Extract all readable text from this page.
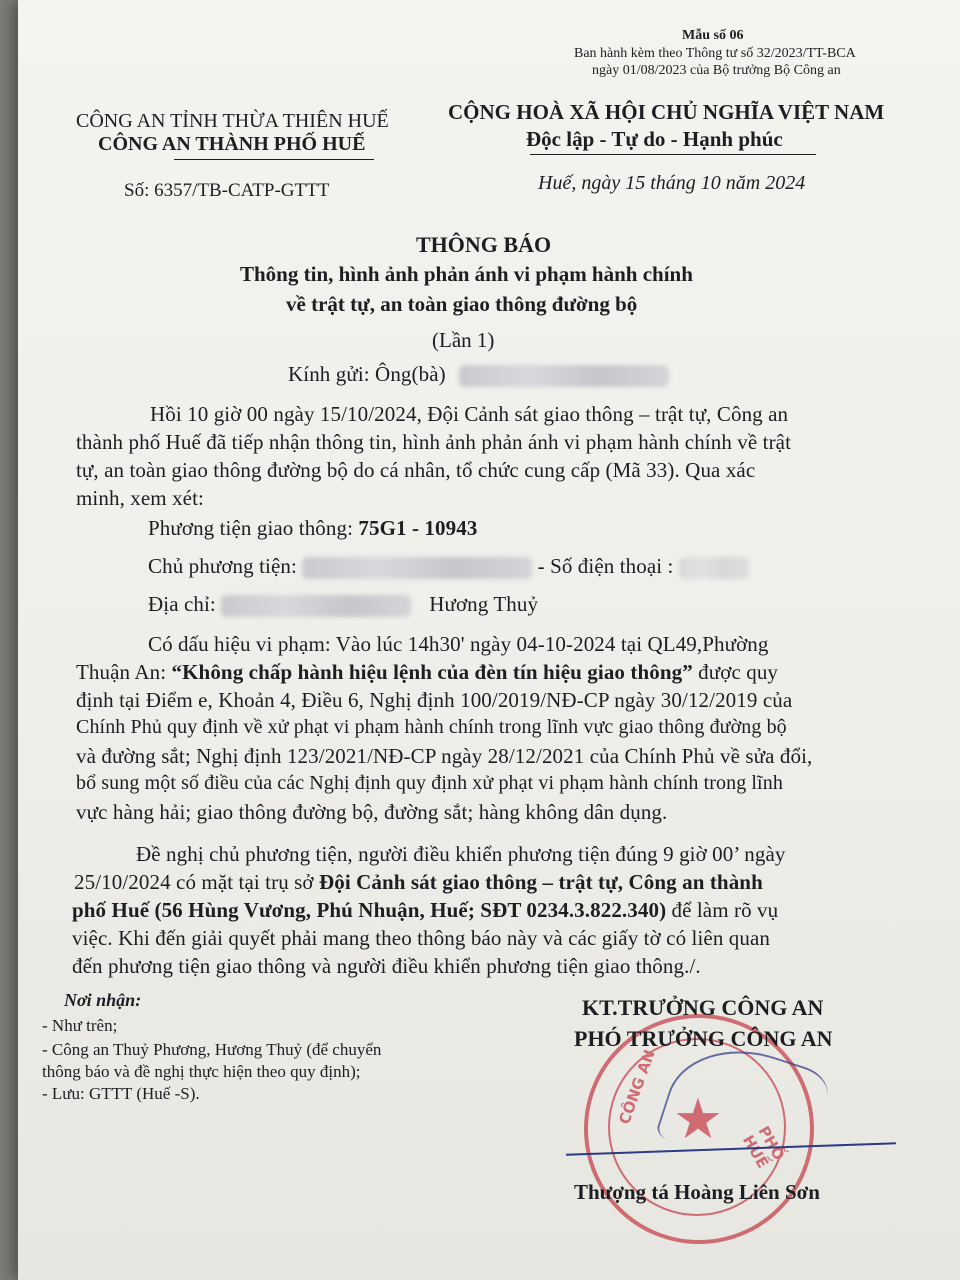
Mẫu số 06
Ban hành kèm theo Thông tư số 32/2023/TT-BCA
ngày 01/08/2023 của Bộ trưởng Bộ Công an
CÔNG AN TỈNH THỪA THIÊN HUẾ
CÔNG AN THÀNH PHỐ HUẾ
Số: 6357/TB-CATP-GTTT
CỘNG HOÀ XÃ HỘI CHỦ NGHĨA VIỆT NAM
Độc lập - Tự do - Hạnh phúc
Huế, ngày 15 tháng 10 năm 2024
THÔNG BÁO
Thông tin, hình ảnh phản ánh vi phạm hành chính
về trật tự, an toàn giao thông đường bộ
(Lần 1)
Kính gửi: Ông(bà)
Hồi 10 giờ 00 ngày 15/10/2024, Đội Cảnh sát giao thông – trật tự, Công an
thành phố Huế đã tiếp nhận thông tin, hình ảnh phản ánh vi phạm hành chính về trật
tự, an toàn giao thông đường bộ do cá nhân, tổ chức cung cấp (Mã 33). Qua xác
minh, xem xét:
Phương tiện giao thông: 75G1 - 10943
Chủ phương tiện:	- Số điện thoại :
Địa chỉ:	Hương Thuỷ
Có dấu hiệu vi phạm: Vào lúc 14h30' ngày 04-10-2024 tại QL49,Phường
Thuận An: “Không chấp hành hiệu lệnh của đèn tín hiệu giao thông” được quy
định tại Điểm e, Khoản 4, Điều 6, Nghị định 100/2019/NĐ-CP ngày 30/12/2019 của
Chính Phủ quy định về xử phạt vi phạm hành chính trong lĩnh vực giao thông đường bộ
và đường sắt; Nghị định 123/2021/NĐ-CP ngày 28/12/2021 của Chính Phủ về sửa đổi,
bổ sung một số điều của các Nghị định quy định xử phạt vi phạm hành chính trong lĩnh
vực hàng hải; giao thông đường bộ, đường sắt; hàng không dân dụng.
Đề nghị chủ phương tiện, người điều khiển phương tiện đúng 9 giờ 00’ ngày
25/10/2024 có mặt tại trụ sở Đội Cảnh sát giao thông – trật tự, Công an thành
phố Huế (56 Hùng Vương, Phú Nhuận, Huế; SĐT 0234.3.822.340) để làm rõ vụ
việc. Khi đến giải quyết phải mang theo thông báo này và các giấy tờ có liên quan
đến phương tiện giao thông và người điều khiển phương tiện giao thông./.
Nơi nhận:
- Như trên;
- Công an Thuỷ Phương, Hương Thuỷ (để chuyển
thông báo và đề nghị thực hiện theo quy định);
- Lưu: GTTT (Huế -S).	★
CÔNG AN
PHỐ HUẾ
KT.TRƯỞNG CÔNG AN
PHÓ TRƯỞNG CÔNG AN
Thượng tá Hoàng Liên Sơn
